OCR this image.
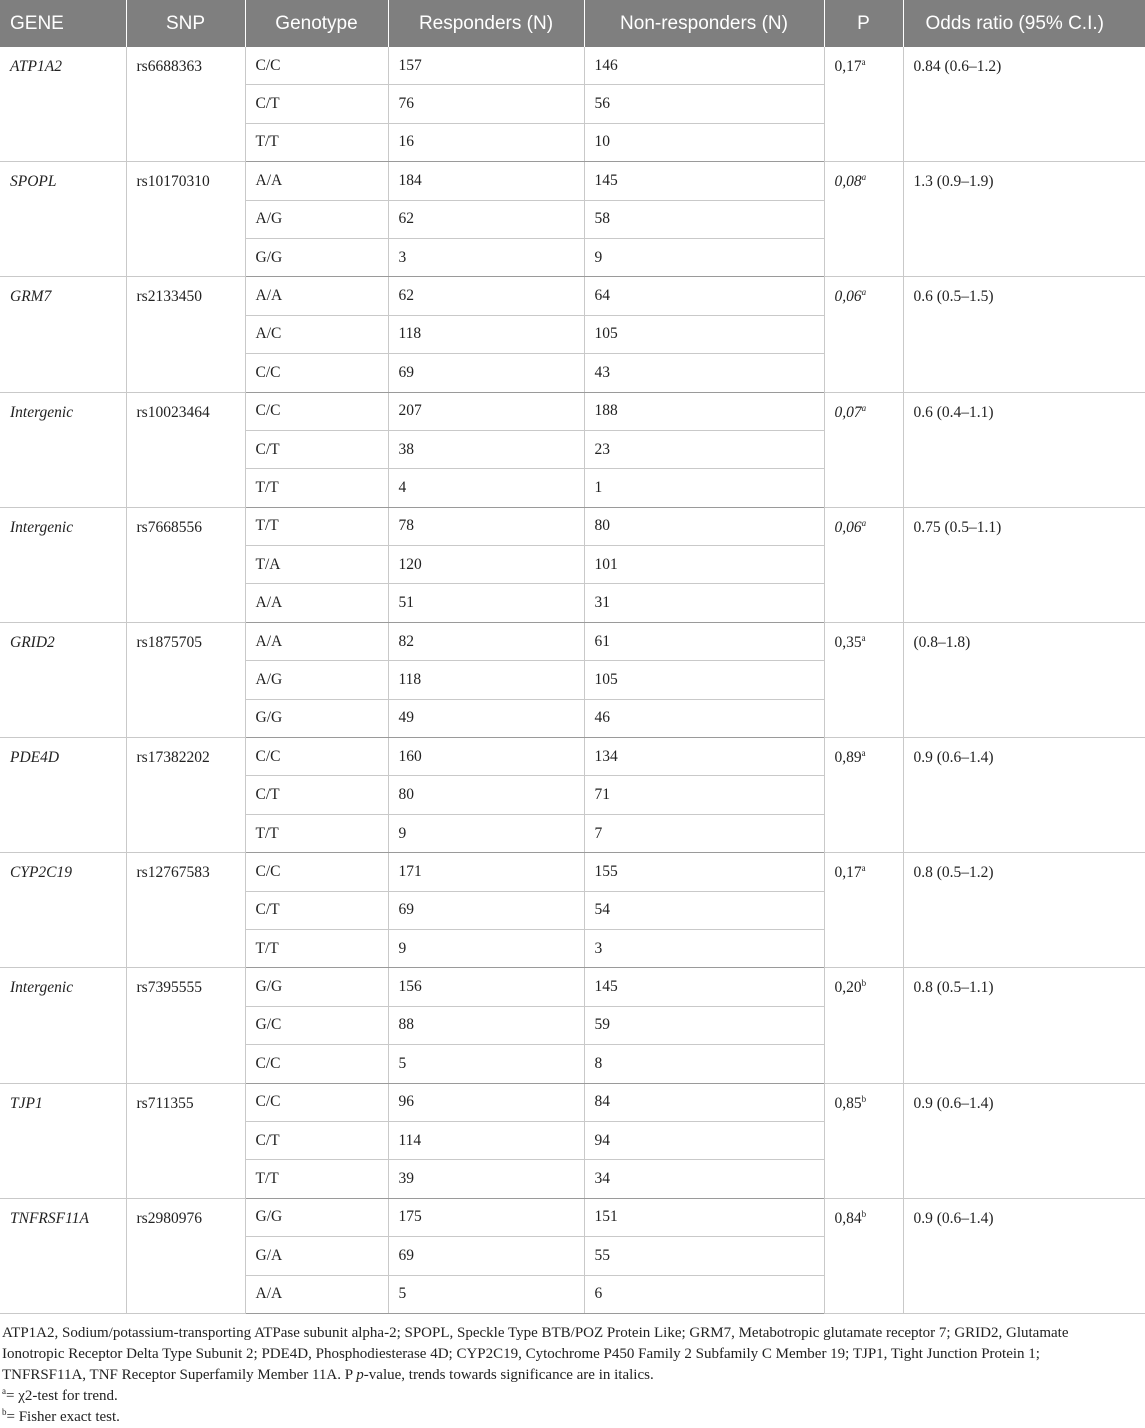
GENE	SNP	Genotype	Responders (N)	Non-responders (N)	P	Odds ratio (95% C.I.)
ATP1A2	rs6688363	C/C	157	146	0,17$^a$	0.84 (0.6–1.2)
		C/T	76	56		
		T/T	16	10		
SPOPL	rs10170310	A/A	184	145	0,08$^a$	1.3 (0.9–1.9)
		A/G	62	58		
		G/G	3	9		
GRM7	rs2133450	A/A	62	64	0,06$^a$	0.6 (0.5–1.5)
		A/C	118	105		
		C/C	69	43		
Intergenic	rs10023464	C/C	207	188	0,07$^a$	0.6 (0.4–1.1)
		C/T	38	23		
		T/T	4	1		
Intergenic	rs7668556	T/T	78	80	0,06$^a$	0.75 (0.5–1.1)
		T/A	120	101		
		A/A	51	31		
GRID2	rs1875705	A/A	82	61	0,35$^a$	(0.8–1.8)
		A/G	118	105		
		G/G	49	46		
PDE4D	rs17382202	C/C	160	134	0,89$^a$	0.9 (0.6–1.4)
		C/T	80	71		
		T/T	9	7		
CYP2C19	rs12767583	C/C	171	155	0,17$^a$	0.8 (0.5–1.2)
		C/T	69	54		
		T/T	9	3		
Intergenic	rs7395555	G/G	156	145	0,20$^b$	0.8 (0.5–1.1)
		G/C	88	59		
		C/C	5	8		
TJP1	rs711355	C/C	96	84	0,85$^b$	0.9 (0.6–1.4)
		C/T	114	94		
		T/T	39	34		
TNFRSF11A	rs2980976	G/G	175	151	0,84$^b$	0.9 (0.6–1.4)
		G/A	69	55		
		A/A	5	6		

ATP1A2, Sodium/potassium-transporting ATPase subunit alpha-2; SPOPL, Speckle Type BTB/POZ Protein Like; GRM7, Metabotropic glutamate receptor 7; GRID2, Glutamate Ionotropic Receptor Delta Type Subunit 2; PDE4D, Phosphodiesterase 4D; CYP2C19, Cytochrome P450 Family 2 Subfamily C Member 19; TJP1, Tight Junction Protein 1; TNFRSF11A, TNF Receptor Superfamily Member 11A. P p-value, trends towards significance are in italics.

$^a$= χ2-test for trend.

$^b$= Fisher exact test.
